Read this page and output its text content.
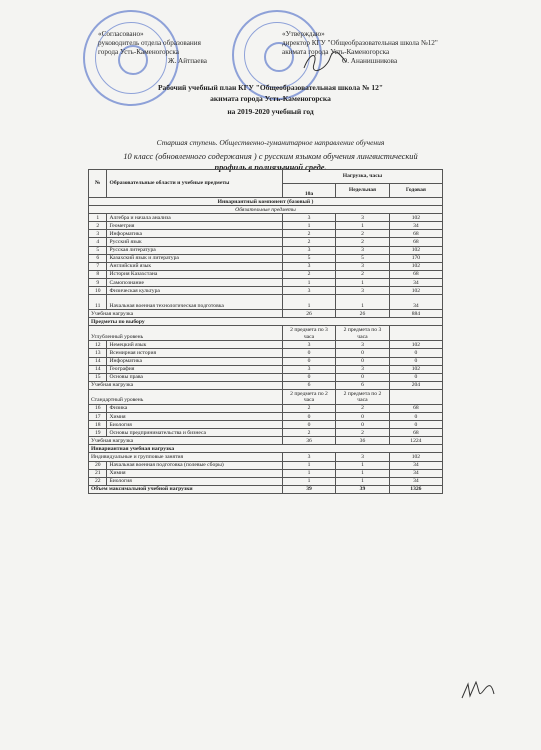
«Согласовано»
руководитель отдела образования
города Усть-Каменогорска
Ж. Айтпаева
«Утверждаю»
директор КГУ "Общеобразовательная школа №12"
акимата города Усть-Каменогорска
О. Ананишникова
Рабочий учебный план КГУ "Общеобразовательная школа № 12"
акимата города Усть-Каменогорска
на 2019-2020 учебный год
Старшая ступень. Общественно-гуманитарное направление обучения
10 класс (обновленного содержания ) с русским языком обучения лингвистический
профиль в полиязычной среде.
№	Образовательные области и учебные предметы	Нагрузка, часы		
		10а	Недельная	Годовая

Инвариантный компонент (базовый )				
Обязательные предметы				
1	Алгебра и начала анализа	3	3	102
2	Геометрия	1	1	34
3	Информатика	2	2	68
4	Русский язык	2	2	68
5	Русская литература	3	3	102
6	Казахский язык и литература	5	5	170
7	Английский язык	3	3	102
8	История Казахстана	2	2	68
9	Самопознание	1	1	34
10	Физическая культура	3	3	102
11	Начальная военная технологическая подготовка	1	1	34
Учебная нагрузка		26	26	884
Предметы по выбору				
Углубленный уровень		2 предмета по 3 часа	2 предмета по 3 часа	
12	Немецкий язык	3	3	102
13	Всемирная история	0	0	0
14	Информатика	0	0	0
14	География	3	3	102
15	Основы права	0	0	0
Учебная нагрузка		6	6	204
Стандартный уровень		2 предмета по 2 часа	2 предмета по 2 часа	
16	Физика	2	2	68
17	Химия	0	0	0
18	Биология	0	0	0
19	Основы предпринимательства и бизнеса	2	2	68
Учебная нагрузка		36	36	1224
Инвариантная учебная нагрузка				
Индивидуальные и групповые занятия		3	3	102
20	Начальная военная подготовка (полевые сборы)	1	1	34
21	Химия	1	1	34
22	Биология	1	1	34
Объем максимальной учебной нагрузки		39	39	1326
